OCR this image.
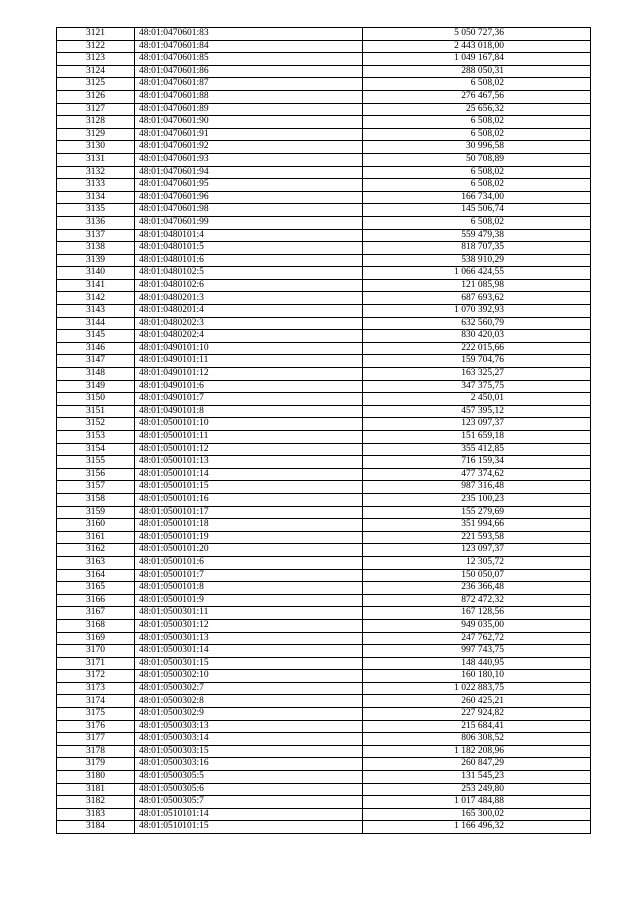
3121	48:01:0470601:83	5 050 727,36
3122	48:01:0470601:84	2 443 018,00
3123	48:01:0470601:85	1 049 167,84
3124	48:01:0470601:86	288 050,31
3125	48:01:0470601:87	6 508,02
3126	48:01:0470601:88	276 467,56
3127	48:01:0470601:89	25 656,32
3128	48:01:0470601:90	6 508,02
3129	48:01:0470601:91	6 508,02
3130	48:01:0470601:92	30 996,58
3131	48:01:0470601:93	50 708,89
3132	48:01:0470601:94	6 508,02
3133	48:01:0470601:95	6 508,02
3134	48:01:0470601:96	166 734,00
3135	48:01:0470601:98	145 506,74
3136	48:01:0470601:99	6 508,02
3137	48:01:0480101:4	559 479,38
3138	48:01:0480101:5	818 707,35
3139	48:01:0480101:6	538 910,29
3140	48:01:0480102:5	1 066 424,55
3141	48:01:0480102:6	121 085,98
3142	48:01:0480201:3	687 693,62
3143	48:01:0480201:4	1 070 392,93
3144	48:01:0480202:3	632 560,79
3145	48:01:0480202:4	830 420,03
3146	48:01:0490101:10	222 015,66
3147	48:01:0490101:11	159 704,76
3148	48:01:0490101:12	163 325,27
3149	48:01:0490101:6	347 375,75
3150	48:01:0490101:7	2 450,01
3151	48:01:0490101:8	457 395,12
3152	48:01:0500101:10	123 097,37
3153	48:01:0500101:11	151 659,18
3154	48:01:0500101:12	355 412,85
3155	48:01:0500101:13	716 159,34
3156	48:01:0500101:14	477 374,62
3157	48:01:0500101:15	987 316,48
3158	48:01:0500101:16	235 100,23
3159	48:01:0500101:17	155 279,69
3160	48:01:0500101:18	351 994,66
3161	48:01:0500101:19	221 593,58
3162	48:01:0500101:20	123 097,37
3163	48:01:0500101:6	12 305,72
3164	48:01:0500101:7	150 050,07
3165	48:01:0500101:8	236 366,48
3166	48:01:0500101:9	872 472,32
3167	48:01:0500301:11	167 128,56
3168	48:01:0500301:12	949 035,00
3169	48:01:0500301:13	247 762,72
3170	48:01:0500301:14	997 743,75
3171	48:01:0500301:15	148 440,95
3172	48:01:0500302:10	160 180,10
3173	48:01:0500302:7	1 022 883,75
3174	48:01:0500302:8	260 425,21
3175	48:01:0500302:9	227 924,82
3176	48:01:0500303:13	215 684,41
3177	48:01:0500303:14	806 308,52
3178	48:01:0500303:15	1 182 208,96
3179	48:01:0500303:16	260 847,29
3180	48:01:0500305:5	131 545,23
3181	48:01:0500305:6	253 249,80
3182	48:01:0500305:7	1 017 484,88
3183	48:01:0510101:14	165 300,02
3184	48:01:0510101:15	1 166 496,32
